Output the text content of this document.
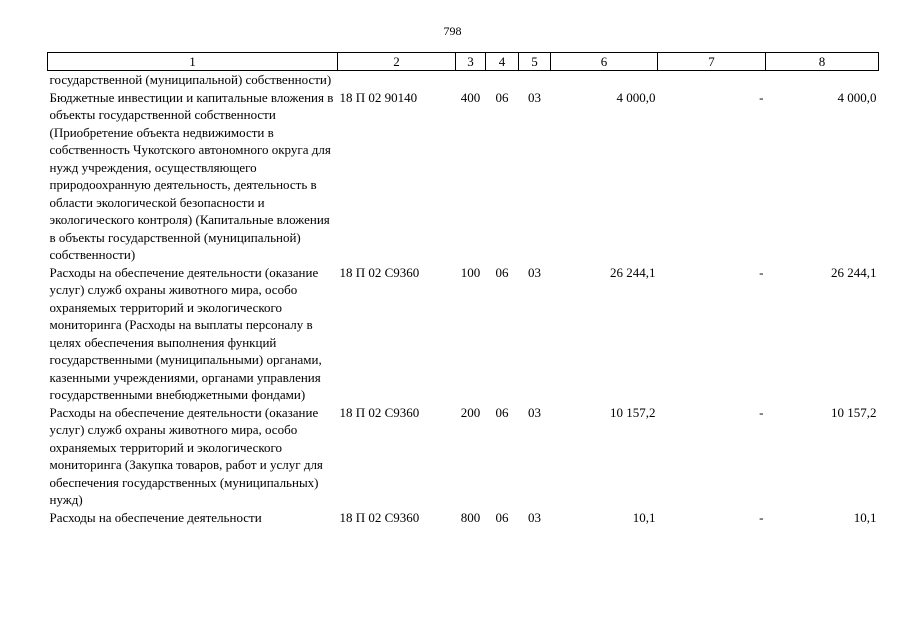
798
1	2	3	4	5	6	7	8
государственной (муниципальной) собственности)							
Бюджетные инвестиции и капитальные вложения в объекты государственной собственности (Приобретение объекта недвижимости в собственность Чукотского автономного округа для нужд учреждения, осуществляющего природоохранную деятельность, деятельность в области экологической безопасности и экологического контроля) (Капитальные вложения в объекты государственной (муниципальной) собственности)	18 П 02 90140	400	06	03	4 000,0	-	4 000,0
Расходы на обеспечение деятельности (оказание услуг) служб охраны животного мира, особо охраняемых территорий и экологического мониторинга (Расходы на выплаты персоналу в целях обеспечения выполнения функций государственными (муниципальными) органами, казенными учреждениями, органами управления государственными внебюджетными фондами)	18 П 02 С9360	100	06	03	26 244,1	-	26 244,1
Расходы на обеспечение деятельности (оказание услуг) служб охраны животного мира, особо охраняемых территорий и экологического мониторинга (Закупка товаров, работ и услуг для обеспечения государственных (муниципальных) нужд)	18 П 02 С9360	200	06	03	10 157,2	-	10 157,2
Расходы на обеспечение деятельности	18 П 02 С9360	800	06	03	10,1	-	10,1
